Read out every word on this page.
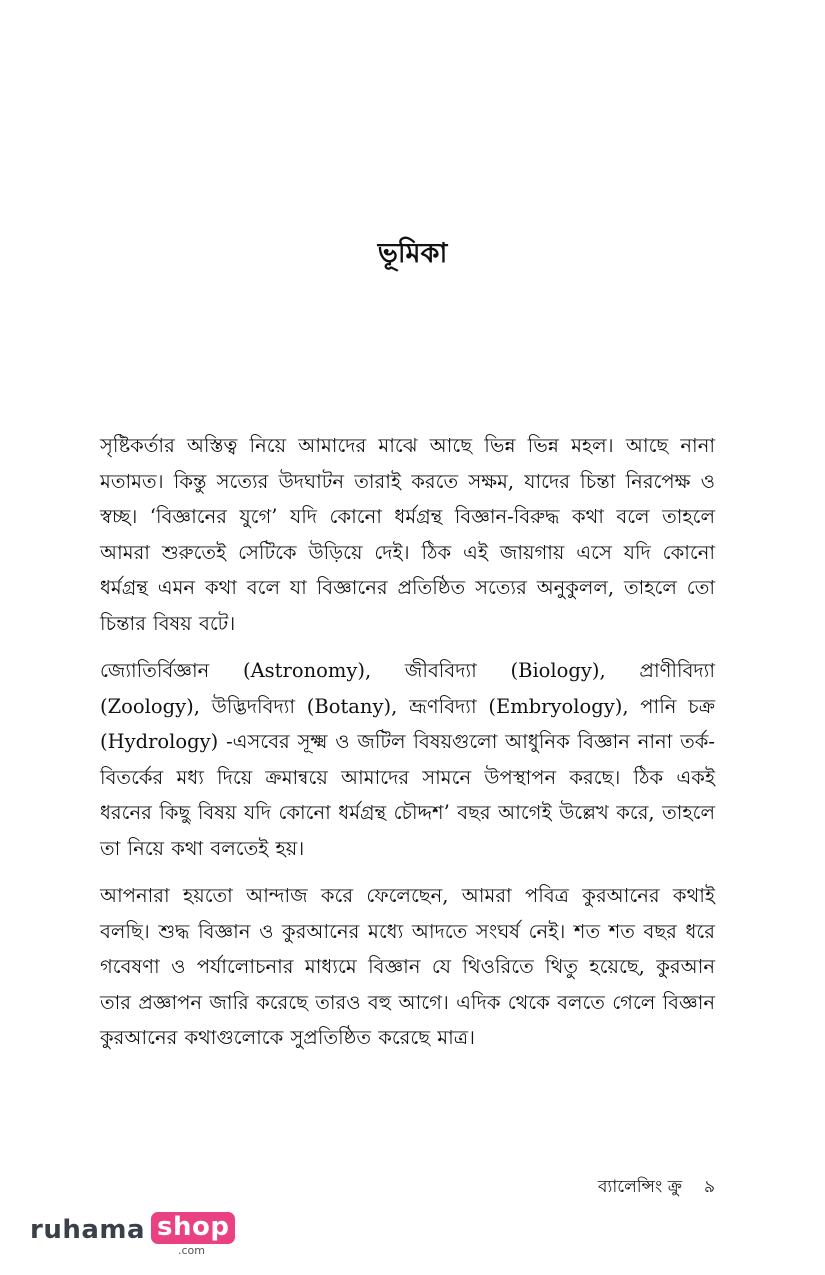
ভূমিকা

সৃষ্টিকর্তার অস্তিত্ব নিয়ে আমাদের মাঝে আছে ভিন্ন ভিন্ন মহল। আছে নানা মতামত। কিন্তু সত্যের উদঘাটন তারাই করতে সক্ষম, যাদের চিন্তা নিরপেক্ষ ও স্বচ্ছ। ‘বিজ্ঞানের যুগে’ যদি কোনো ধর্মগ্রন্থ বিজ্ঞান-বিরুদ্ধ কথা বলে তাহলে আমরা শুরুতেই সেটিকে উড়িয়ে দেই। ঠিক এই জায়গায় এসে যদি কোনো ধর্মগ্রন্থ এমন কথা বলে যা বিজ্ঞানের প্রতিষ্ঠিত সত্যের অনুকুলল, তাহলে তো চিন্তার বিষয় বটে।

জ্যোতির্বিজ্ঞান (Astronomy), জীববিদ্যা (Biology), প্রাণীবিদ্যা (Zoology), উদ্ভিদবিদ্যা (Botany), ভ্রূণবিদ্যা (Embryology), পানি চক্র (Hydrology) -এসবের সূক্ষ্ম ও জটিল বিষয়গুলো আধুনিক বিজ্ঞান নানা তর্ক-বিতর্কের মধ্য দিয়ে ক্রমান্বয়ে আমাদের সামনে উপস্থাপন করছে। ঠিক একই ধরনের কিছু বিষয় যদি কোনো ধর্মগ্রন্থ চৌদ্দশ’ বছর আগেই উল্লেখ করে, তাহলে তা নিয়ে কথা বলতেই হয়।

আপনারা হয়তো আন্দাজ করে ফেলেছেন, আমরা পবিত্র কুরআনের কথাই বলছি। শুদ্ধ বিজ্ঞান ও কুরআনের মধ্যে আদতে সংঘর্ষ নেই। শত শত বছর ধরে গবেষণা ও পর্যালোচনার মাধ্যমে বিজ্ঞান যে থিওরিতে থিতু হয়েছে, কুরআন তার প্রজ্ঞাপন জারি করেছে তারও বহু আগে। এদিক থেকে বলতে গেলে বিজ্ঞান কুরআনের কথাগুলোকে সুপ্রতিষ্ঠিত করেছে মাত্র।

ব্যালেন্সিং ক্রু ৯
ruhama shop
.com
